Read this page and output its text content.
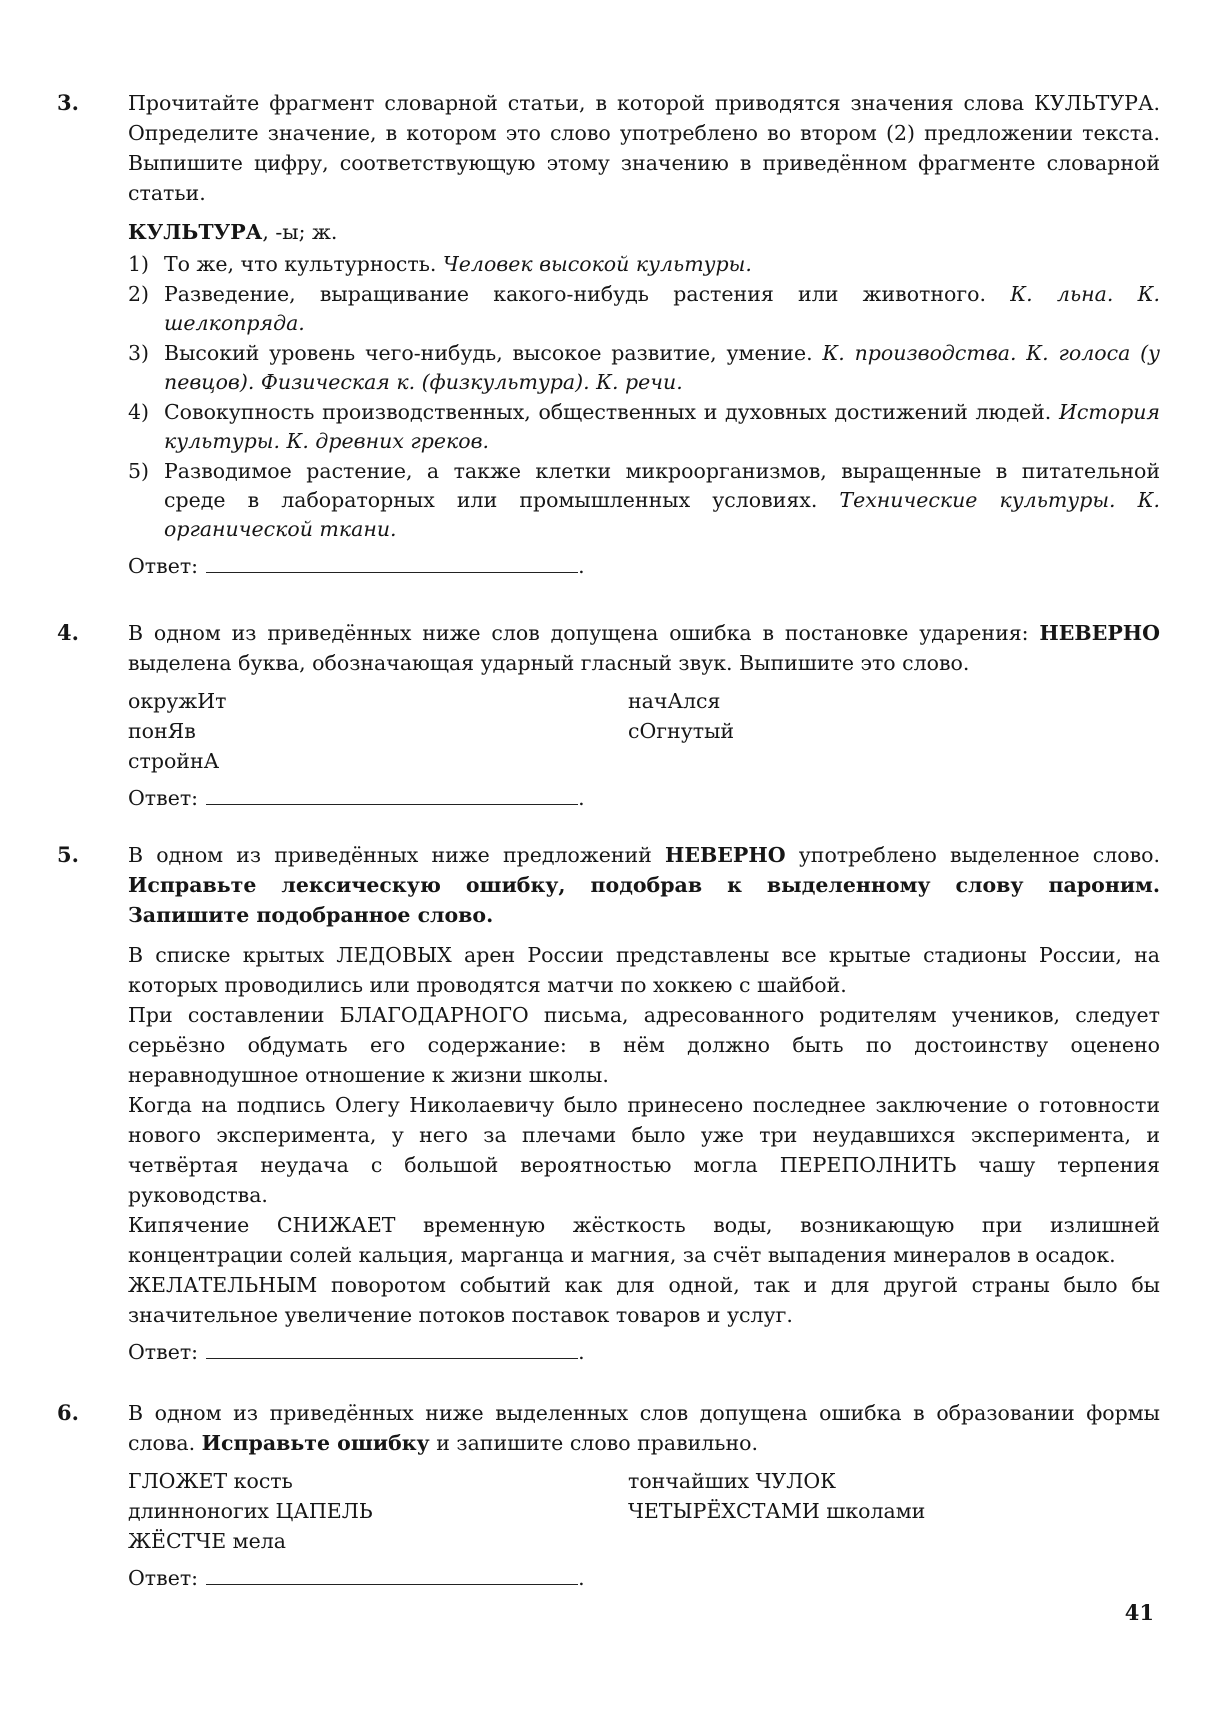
3. Прочитайте фрагмент словарной статьи, в которой приводятся значения слова КУЛЬТУРА. Определите значение, в котором это слово употреблено во втором (2) предложении текста. Выпишите цифру, соответствующую этому значению в приведённом фрагменте словарной статьи.

КУЛЬТУРА, -ы; ж.
1) То же, что культурность. Человек высокой культуры.
2) Разведение, выращивание какого-нибудь растения или животного. К. льна. К. шелкопряда.
3) Высокий уровень чего-нибудь, высокое развитие, умение. К. производства. К. голоса (у певцов). Физическая к. (физкультура). К. речи.
4) Совокупность производственных, общественных и духовных достижений людей. История культуры. К. древних греков.
5) Разводимое растение, а также клетки микроорганизмов, выращенные в питательной среде в лабораторных или промышленных условиях. Технические культуры. К. органической ткани.
Ответ:	.
4. В одном из приведённых ниже слов допущена ошибка в постановке ударения: НЕВЕРНО выделена буква, обозначающая ударный гласный звук. Выпишите это слово.

окружИт
понЯв
стройнА
начАлся
сОгнутый
Ответ:	.
5. В одном из приведённых ниже предложений НЕВЕРНО употреблено выделенное слово. Исправьте лексическую ошибку, подобрав к выделенному слову пароним. Запишите подобранное слово.

В списке крытых ЛЕДОВЫХ арен России представлены все крытые стадионы России, на которых проводились или проводятся матчи по хоккею с шайбой.

При составлении БЛАГОДАРНОГО письма, адресованного родителям учеников, следует серьёзно обдумать его содержание: в нём должно быть по достоинству оценено неравнодушное отношение к жизни школы.

Когда на подпись Олегу Николаевичу было принесено последнее заключение о готовности нового эксперимента, у него за плечами было уже три неудавшихся эксперимента, и четвёртая неудача с большой вероятностью могла ПЕРЕПОЛНИТЬ чашу терпения руководства.

Кипячение СНИЖАЕТ временную жёсткость воды, возникающую при излишней концентрации солей кальция, марганца и магния, за счёт выпадения минералов в осадок.

ЖЕЛАТЕЛЬНЫМ поворотом событий как для одной, так и для другой страны было бы значительное увеличение потоков поставок товаров и услуг.

Ответ:	.
6. В одном из приведённых ниже выделенных слов допущена ошибка в образовании формы слова. Исправьте ошибку и запишите слово правильно.

ГЛОЖЕТ кость
длинноногих ЦАПЕЛЬ
ЖЁСТЧЕ мела
тончайших ЧУЛОК
ЧЕТЫРЁХСТАМИ школами
Ответ:	.
41
